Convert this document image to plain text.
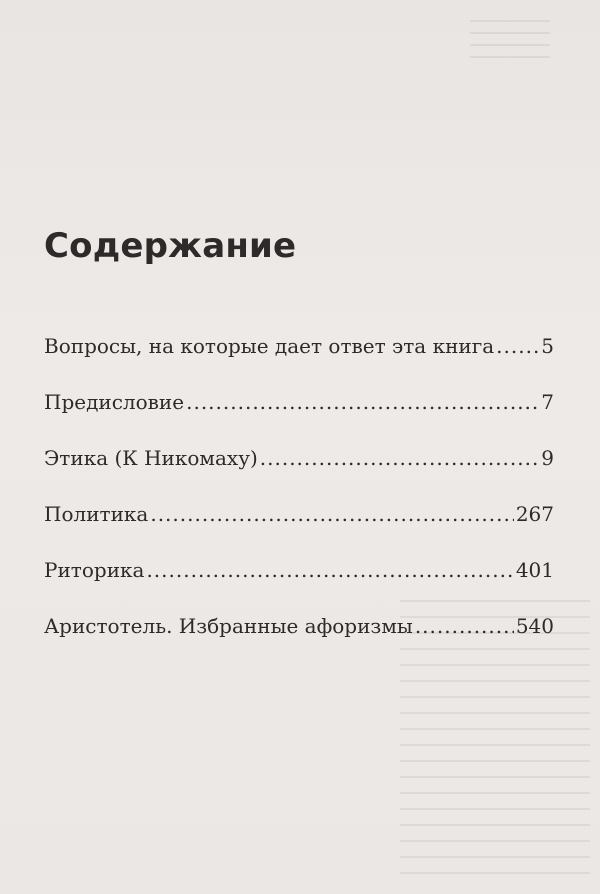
Содержание
Вопросы, на которые дает ответ эта книга ..... 5
Предисловие .....	7
Этика (К Никомаху) .....	9
Политика .....	267
Риторика .....	401
Аристотель. Избранные афоризмы .....	540
